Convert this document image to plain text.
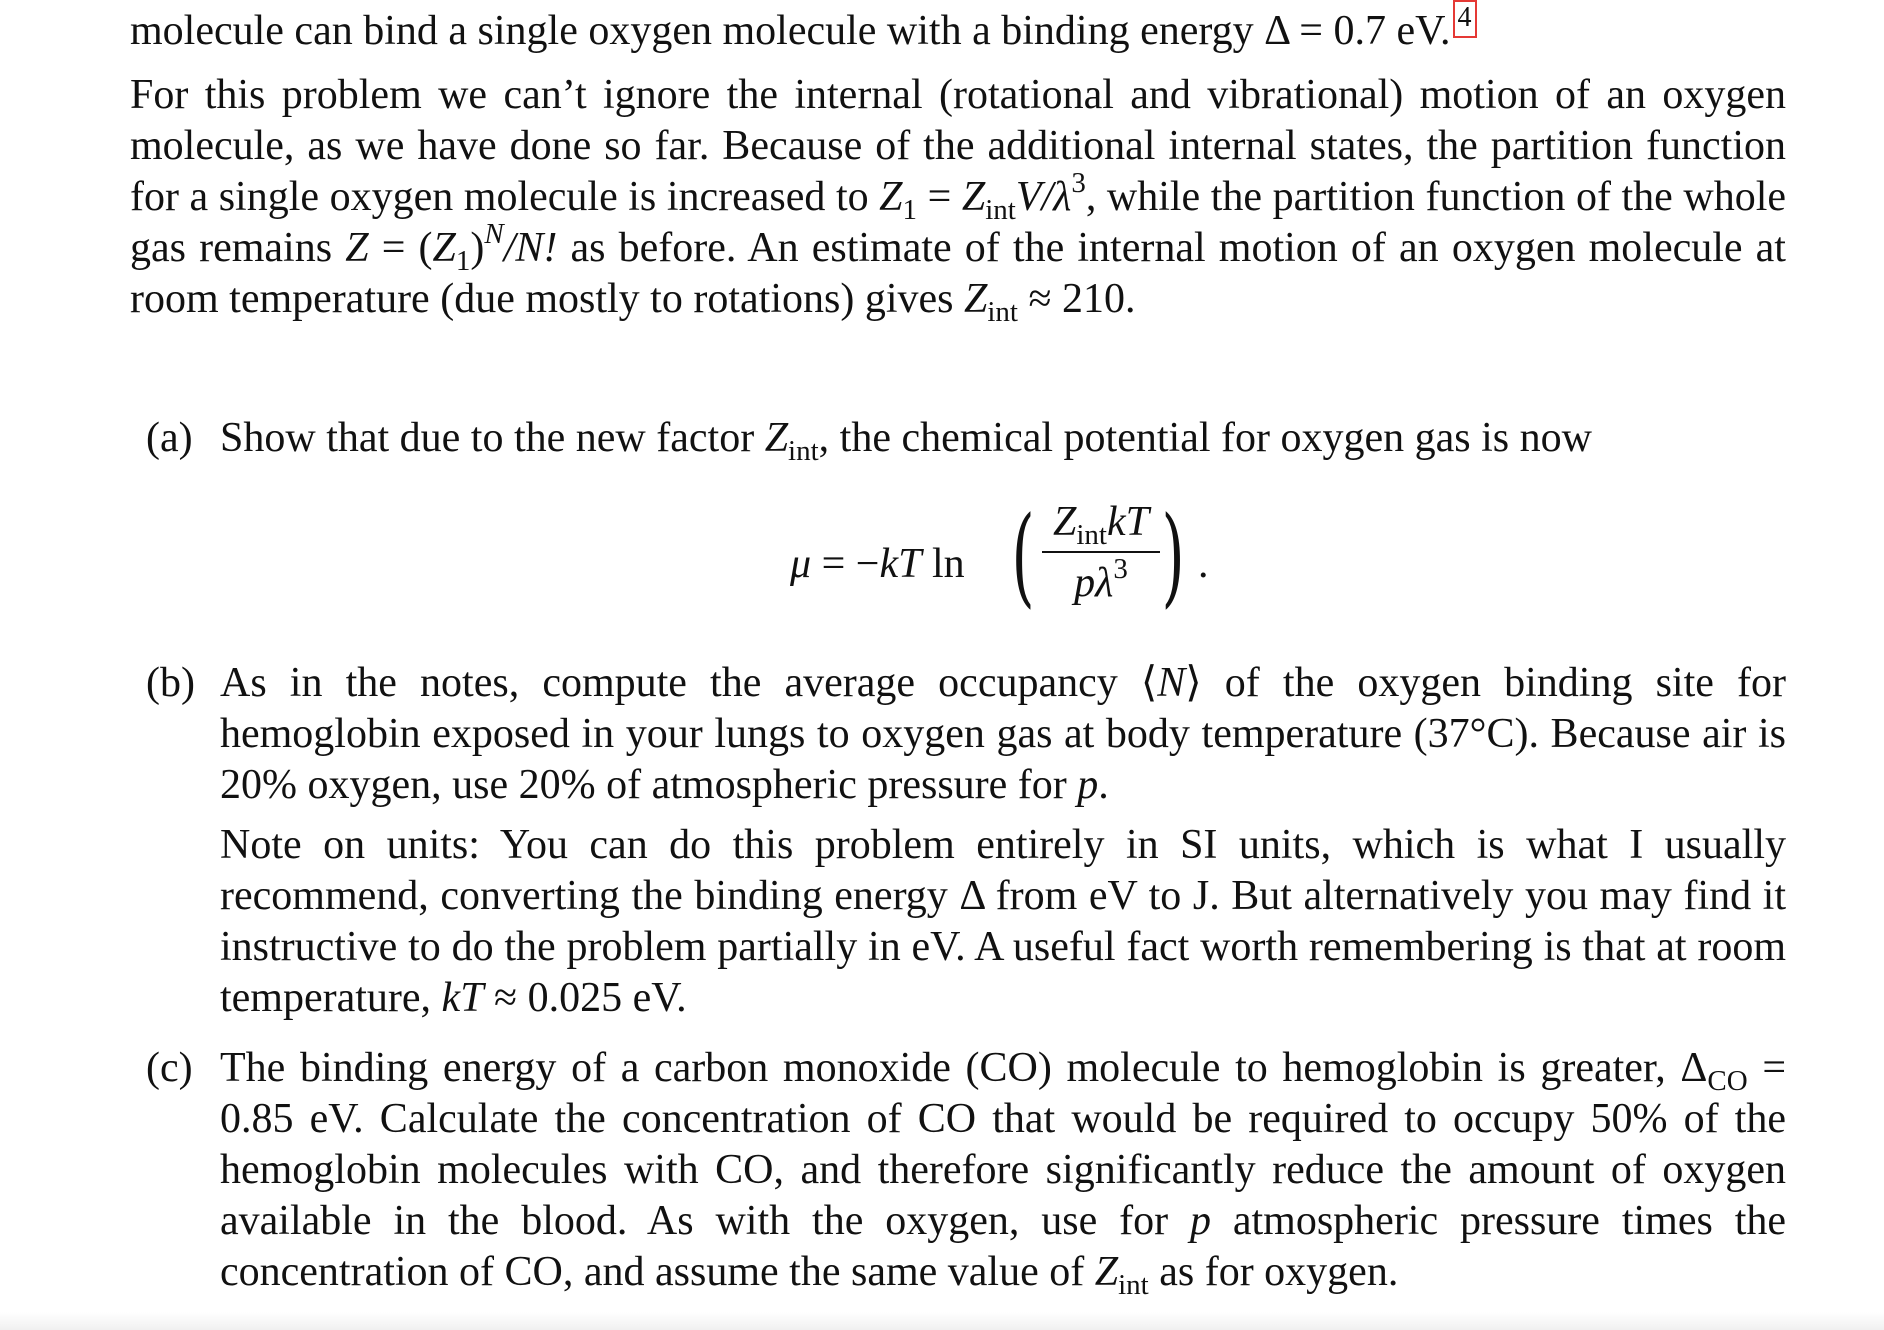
molecule can bind a single oxygen molecule with a binding energy Δ = 0.7 eV. 4
For this problem we can’t ignore the internal (rotational and vibrational) motion of an oxygen molecule, as we have done so far. Because of the additional internal states, the partition function for a single oxygen molecule is increased to $Z_1 = Z_{int}V/\lambda^3$, while the partition function of the whole gas remains $Z = (Z_1)^N/N$! as before. An estimate of the internal motion of an oxygen molecule at room temperature (due mostly to rotations) gives $Z_{int} \approx 210$.
(a) Show that due to the new factor $Z_{int}$, the chemical potential for oxygen gas is now
μ = −kT ln ( $Z_{int}kT$
$p\lambda^3$ ) .
(b) As in the notes, compute the average occupancy ⟨N⟩ of the oxygen binding site for hemoglobin exposed in your lungs to oxygen gas at body temperature (37°C). Because air is 20% oxygen, use 20% of atmospheric pressure for p.
Note on units: You can do this problem entirely in SI units, which is what I usually recommend, converting the binding energy Δ from eV to J. But alternatively you may find it instructive to do the problem partially in eV. A useful fact worth remembering is that at room temperature, kT ≈ 0.025 eV.
(c) The binding energy of a carbon monoxide (CO) molecule to hemoglobin is greater, $\Delta_{CO} = 0.85$ eV. Calculate the concentration of CO that would be required to occupy 50% of the hemoglobin molecules with CO, and therefore significantly reduce the amount of oxygen available in the blood. As with the oxygen, use for p atmospheric pressure times the concentration of CO, and assume the same value of $Z_{int}$ as for oxygen.
